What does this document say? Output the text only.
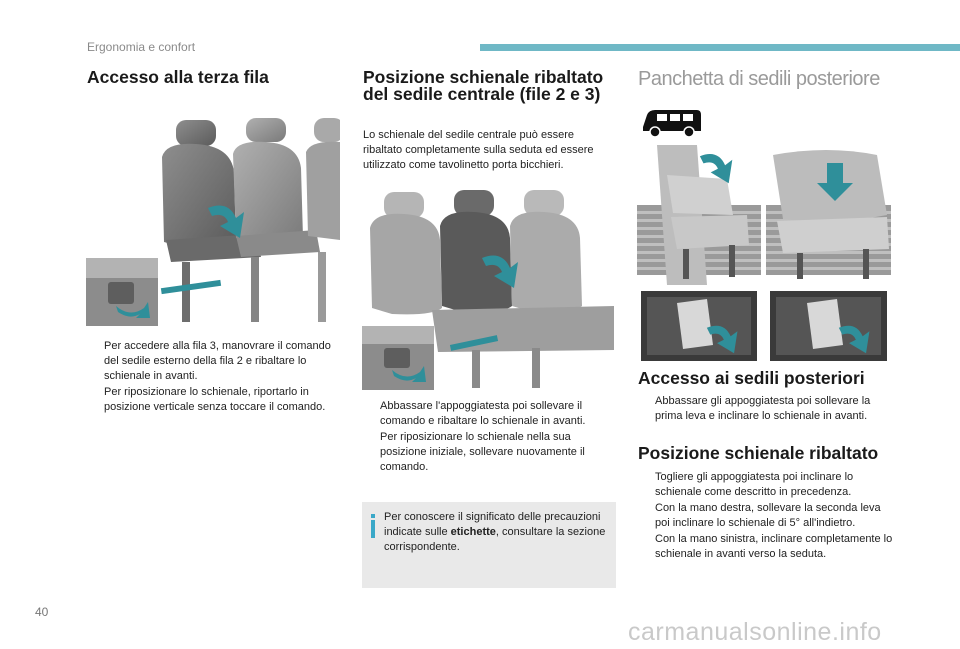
Ergonomia e confort
Accesso alla terza fila
Per accedere alla fila 3, manovrare il comando del sedile esterno della fila 2 e ribaltare lo schienale in avanti.
Per riposizionare lo schienale, riportarlo in posizione verticale senza toccare il comando.
Posizione schienale ribaltato del sedile centrale (file 2 e 3)
Lo schienale del sedile centrale può essere ribaltato completamente sulla seduta ed essere utilizzato come tavolinetto porta bicchieri.
Abbassare l'appoggiatesta poi sollevare il comando e ribaltare lo schienale in avanti.
Per riposizionare lo schienale nella sua posizione iniziale, sollevare nuovamente il comando.
Per conoscere il significato delle precauzioni indicate sulle etichette, consultare la sezione corrispondente.
Panchetta di sedili posteriore
Accesso ai sedili posteriori
Abbassare gli appoggiatesta poi sollevare la prima leva e inclinare lo schienale in avanti.
Posizione schienale ribaltato
Togliere gli appoggiatesta poi inclinare lo schienale come descritto in precedenza.
Con la mano destra, sollevare la seconda leva poi inclinare lo schienale di 5° all'indietro.
Con la mano sinistra, inclinare completamente lo schienale in avanti verso la seduta.
40
carmanualsonline.info
